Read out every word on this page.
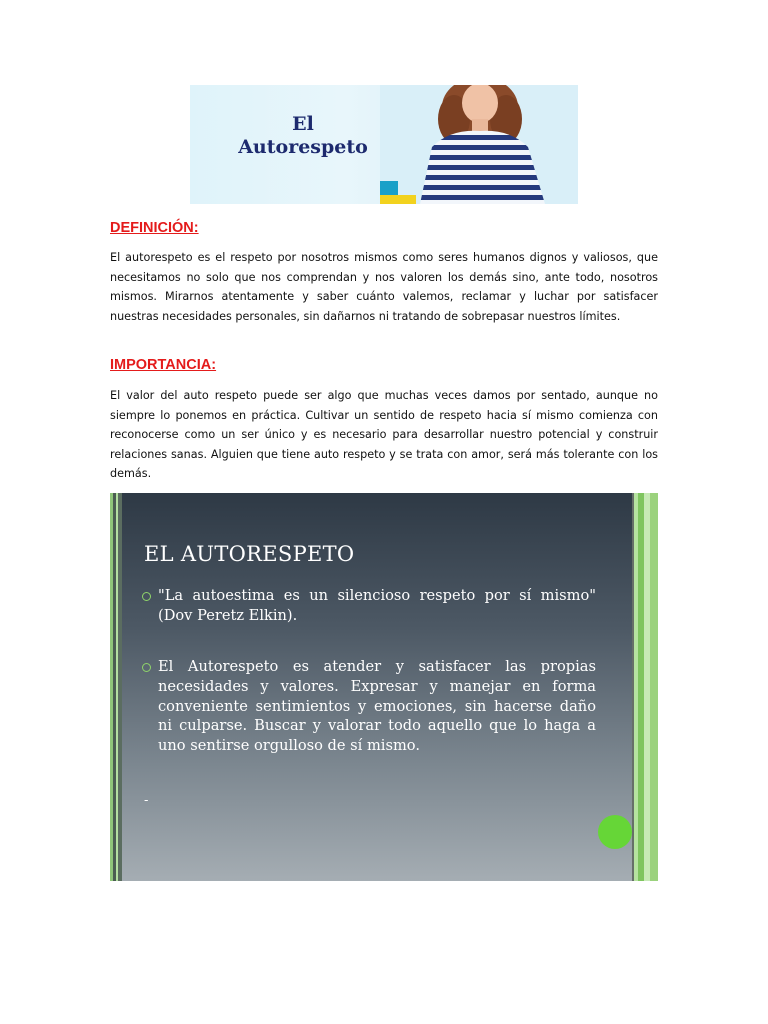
El
Autorespeto
DEFINICIÓN:
El autorespeto es el respeto por nosotros mismos como seres humanos dignos y valiosos, que necesitamos no solo que nos comprendan y nos valoren los demás sino, ante todo, nosotros mismos. Mirarnos atentamente y saber cuánto valemos, reclamar y luchar por satisfacer nuestras necesidades personales, sin dañarnos ni tratando de sobrepasar nuestros límites.
IMPORTANCIA:
El valor del auto respeto puede ser algo que muchas veces damos por sentado, aunque no siempre lo ponemos en práctica. Cultivar un sentido de respeto hacia sí mismo comienza con reconocerse como un ser único y es necesario para desarrollar nuestro potencial y construir relaciones sanas. Alguien que tiene auto respeto y se trata con amor, será más tolerante con los demás.
EL AUTORESPETO
"La autoestima es un silencioso respeto por sí mismo" (Dov Peretz Elkin).
El Autorespeto es atender y satisfacer las propias necesidades y valores. Expresar y manejar en forma conveniente sentimientos y emociones, sin hacerse daño ni culparse. Buscar y valorar todo aquello que lo haga a uno sentirse orgulloso de sí mismo.
-
